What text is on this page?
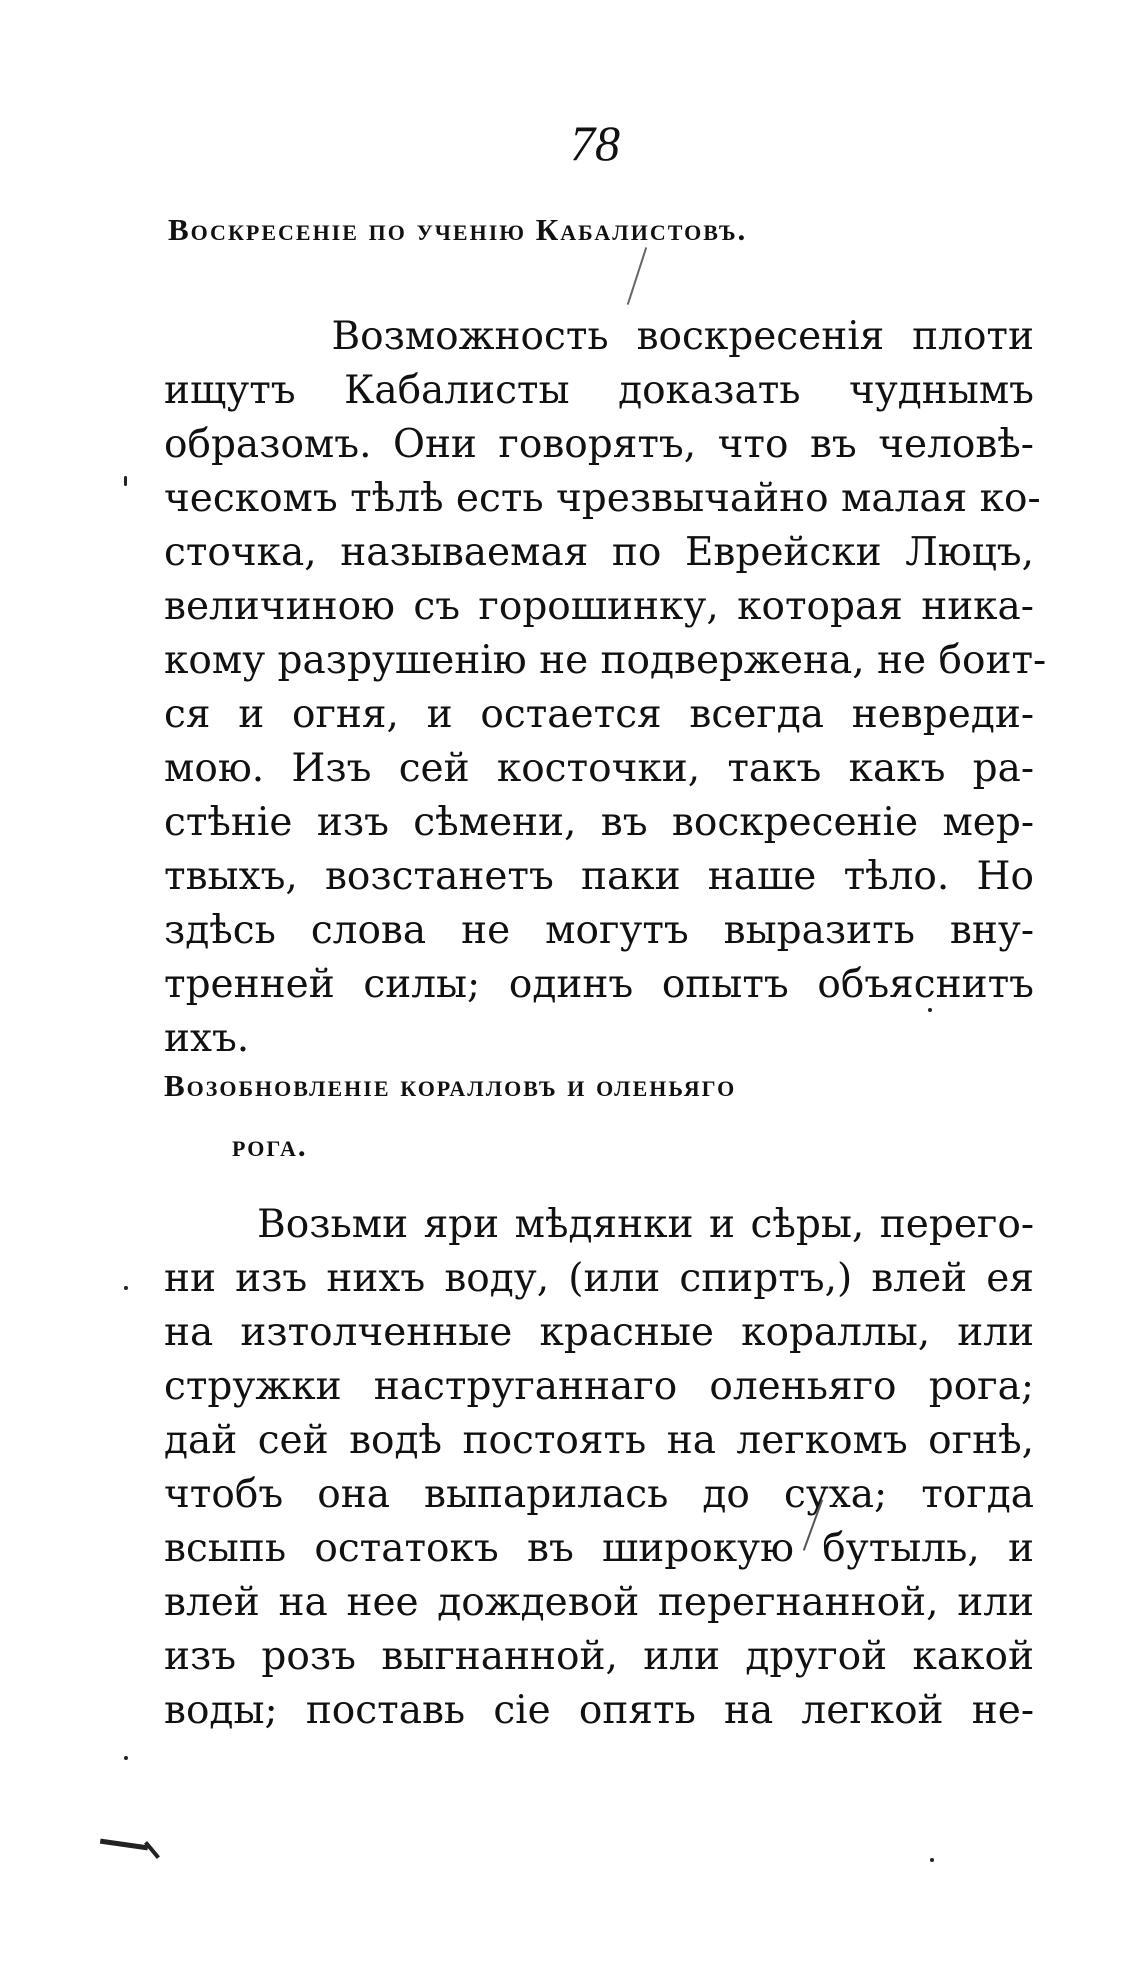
78
Воскресеніе по ученію Кабалистовъ.
Возможность воскресенія плоти
ищутъ Кабалисты доказать чуднымъ
образомъ. Они говорятъ, что въ человѣ-
ческомъ тѣлѣ есть чрезвычайно малая ко-
сточка, называемая по Еврейски Люцъ,
величиною съ горошинку, которая ника-
кому разрушенію не подвержена, не боит-
ся и огня, и остается всегда невреди-
мою. Изъ сей косточки, такъ какъ ра-
стѣніе изъ сѣмени, въ воскресеніе мер-
твыхъ, возстанетъ паки наше тѣло. Но
здѣсь слова не могутъ выразить вну-
тренней силы; одинъ опытъ объяснитъ
ихъ.
Возобновленіе коралловъ и оленьяго
рога.
Возьми яри мѣдянки и сѣры, перего-
ни изъ нихъ воду, (или спиртъ,) влей ея
на изтолченные красные кораллы, или
стружки наструганнаго оленьяго рога;
дай сей водѣ постоять на легкомъ огнѣ,
чтобъ она выпарилась до суха; тогда
всыпь остатокъ въ широкую бутыль, и
влей на нее дождевой перегнанной, или
изъ розъ выгнанной, или другой какой
воды; поставь сіе опять на легкой не-
